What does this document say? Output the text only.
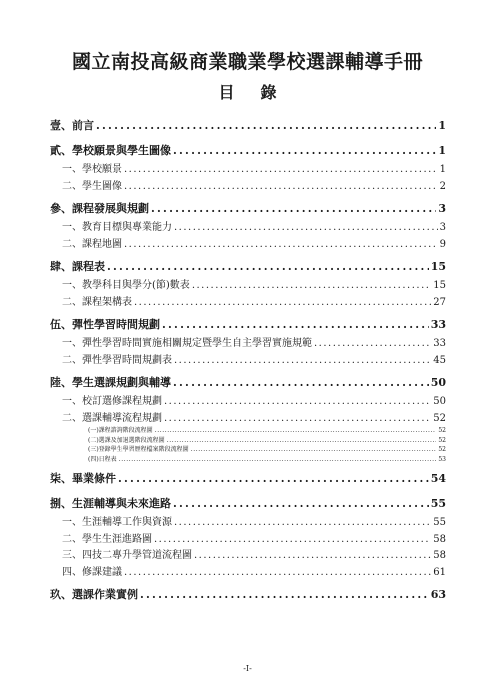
國立南投高級商業職業學校選課輔導手冊
目錄
壹、前言 .....	1
貳、學校願景與學生圖像 .....	1
一、學校願景 .....	1
二、學生圖像 .....	2
參、課程發展與規劃 .....	3
一、教育目標與專業能力 .....	3
二、課程地圖 .....	9
肆、課程表 .....	15
一、教學科目與學分(節)數表 .....	15
二、課程架構表 .....	27
伍、彈性學習時間規劃 .....	33
一、彈性學習時間實施相關規定暨學生自主學習實施規範 .....	33
二、彈性學習時間規劃表 .....	45
陸、學生選課規劃與輔導 .....	50
一、校訂選修課程規劃 .....	50
二、選課輔導流程規劃 .....	52
(一)課程諮詢階段流程圖 .....	52
(二)選課及加退選階段流程圖 .....	52
(三)登錄學生學習歷程檔案階段流程圖 .....	52
(四)日程表 .....	53
柒、畢業條件 .....	54
捌、生涯輔導與未來進路 .....	55
一、生涯輔導工作與資源 .....	55
二、學生生涯進路圖 .....	58
三、四技二專升學管道流程圖 .....	58
四、修課建議 .....	61
玖、選課作業實例 .....	63
-I-
